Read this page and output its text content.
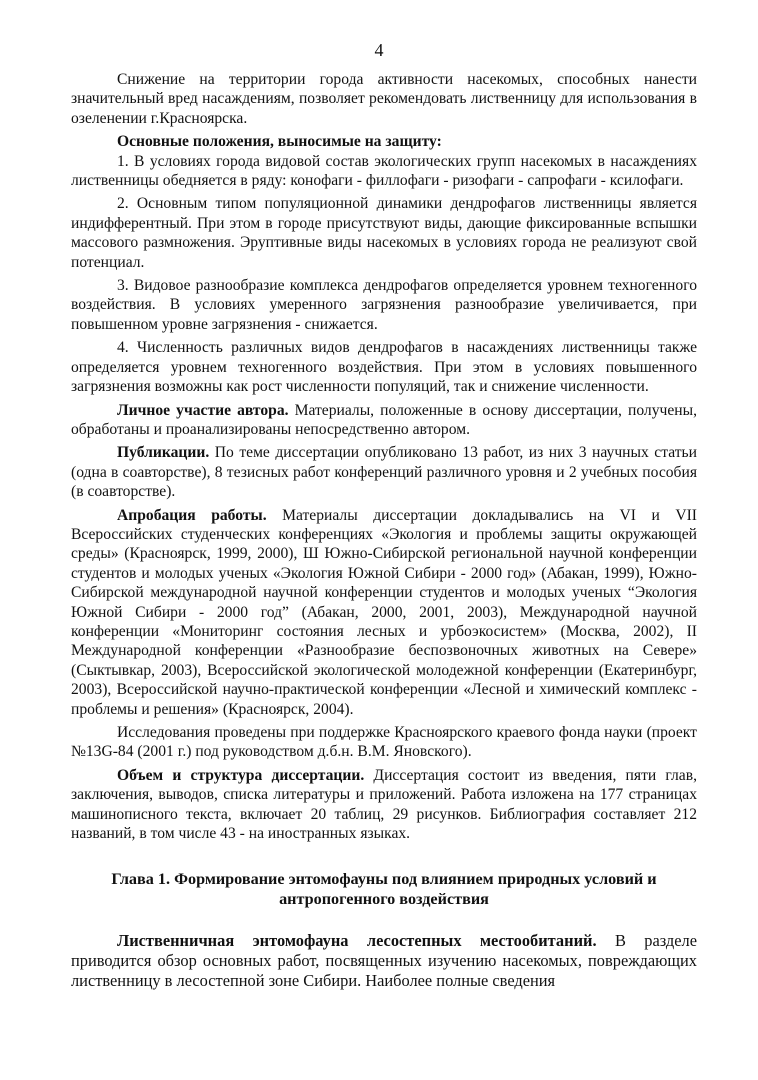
4

Снижение на территории города активности насекомых, способных нанести значительный вред насаждениям, позволяет рекомендовать лиственницу для использования в озеленении г.Красноярска.

Основные положения, выносимые на защиту:

1. В условиях города видовой состав экологических групп насекомых в насаждениях лиственницы обедняется в ряду: конофаги - филлофаги - ризофаги - сапрофаги - ксилофаги.

2. Основным типом популяционной динамики дендрофагов лиственницы является индифферентный. При этом в городе присутствуют виды, дающие фиксированные вспышки массового размножения. Эруптивные виды насекомых в условиях города не реализуют свой потенциал.

3. Видовое разнообразие комплекса дендрофагов определяется уровнем техногенного воздействия. В условиях умеренного загрязнения разнообразие увеличивается, при повышенном уровне загрязнения - снижается.

4. Численность различных видов дендрофагов в насаждениях лиственницы также определяется уровнем техногенного воздействия. При этом в условиях повышенного загрязнения возможны как рост численности популяций, так и снижение численности.

Личное участие автора. Материалы, положенные в основу диссертации, получены, обработаны и проанализированы непосредственно автором.

Публикации. По теме диссертации опубликовано 13 работ, из них 3 научных статьи (одна в соавторстве), 8 тезисных работ конференций различного уровня и 2 учебных пособия (в соавторстве).

Апробация работы. Материалы диссертации докладывались на VI и VII Всероссийских студенческих конференциях «Экология и проблемы защиты окружающей среды» (Красноярск, 1999, 2000), Ш Южно-Сибирской региональной научной конференции студентов и молодых ученых «Экология Южной Сибири - 2000 год» (Абакан, 1999), Южно-Сибирской международной научной конференции студентов и молодых ученых “Экология Южной Сибири - 2000 год” (Абакан, 2000, 2001, 2003), Международной научной конференции «Мониторинг состояния лесных и урбоэкосистем» (Москва, 2002), II Международной конференции «Разнообразие беспозвоночных животных на Севере» (Сыктывкар, 2003), Всероссийской экологической молодежной конференции (Екатеринбург, 2003), Всероссийской научно-практической конференции «Лесной и химический комплекс - проблемы и решения» (Красноярск, 2004).

Исследования проведены при поддержке Красноярского краевого фонда науки (проект №13G-84 (2001 г.) под руководством д.б.н. В.М. Яновского).

Объем и структура диссертации. Диссертация состоит из введения, пяти глав, заключения, выводов, списка литературы и приложений. Работа изложена на 177 страницах машинописного текста, включает 20 таблиц, 29 рисунков. Библиография составляет 212 названий, в том числе 43 - на иностранных языках.

Глава 1. Формирование энтомофауны под влиянием природных условий и
антропогенного воздействия

Лиственничная энтомофауна лесостепных местообитаний. В разделе приводится обзор основных работ, посвященных изучению насекомых, повреждающих лиственницу в лесостепной зоне Сибири. Наиболее полные сведения
